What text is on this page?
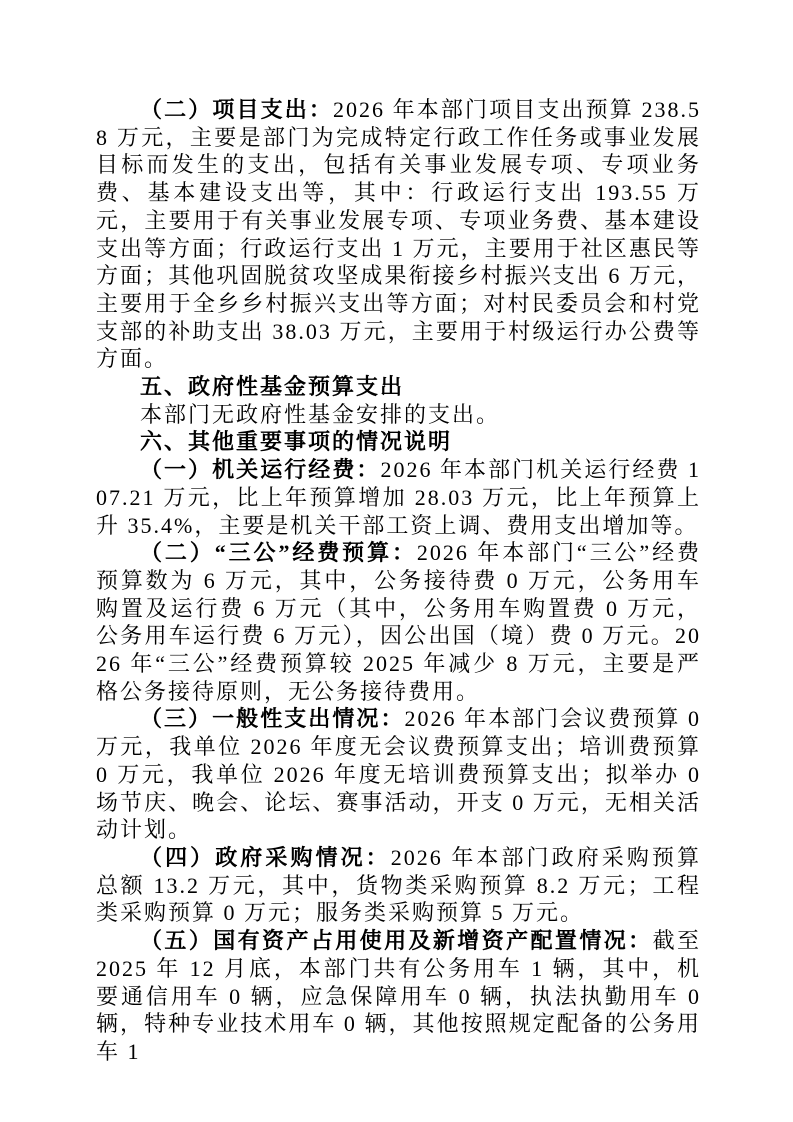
（二）项目支出：2026 年本部门项目支出预算 238.58 万元，主要是部门为完成特定行政工作任务或事业发展目标而发生的支出，包括有关事业发展专项、专项业务费、基本建设支出等，其中：行政运行支出 193.55 万元，主要用于有关事业发展专项、专项业务费、基本建设支出等方面；行政运行支出 1 万元，主要用于社区惠民等方面；其他巩固脱贫攻坚成果衔接乡村振兴支出 6 万元，主要用于全乡乡村振兴支出等方面；对村民委员会和村党支部的补助支出 38.03 万元，主要用于村级运行办公费等方面。

五、政府性基金预算支出

本部门无政府性基金安排的支出。

六、其他重要事项的情况说明

（一）机关运行经费：2026 年本部门机关运行经费 107.21 万元，比上年预算增加 28.03 万元，比上年预算上升 35.4%，主要是机关干部工资上调、费用支出增加等。

（二）“三公”经费预算：2026 年本部门“三公”经费预算数为 6 万元，其中，公务接待费 0 万元，公务用车购置及运行费 6 万元（其中，公务用车购置费 0 万元，公务用车运行费 6 万元），因公出国（境）费 0 万元。2026 年“三公”经费预算较 2025 年减少 8 万元，主要是严格公务接待原则，无公务接待费用。

（三）一般性支出情况：2026 年本部门会议费预算 0 万元，我单位 2026 年度无会议费预算支出；培训费预算 0 万元，我单位 2026 年度无培训费预算支出；拟举办 0 场节庆、晚会、论坛、赛事活动，开支 0 万元，无相关活动计划。

（四）政府采购情况：2026 年本部门政府采购预算总额 13.2 万元，其中，货物类采购预算 8.2 万元；工程类采购预算 0 万元；服务类采购预算 5 万元。

（五）国有资产占用使用及新增资产配置情况：截至 2025 年 12 月底，本部门共有公务用车 1 辆，其中，机要通信用车 0 辆，应急保障用车 0 辆，执法执勤用车 0 辆，特种专业技术用车 0 辆，其他按照规定配备的公务用车 1
